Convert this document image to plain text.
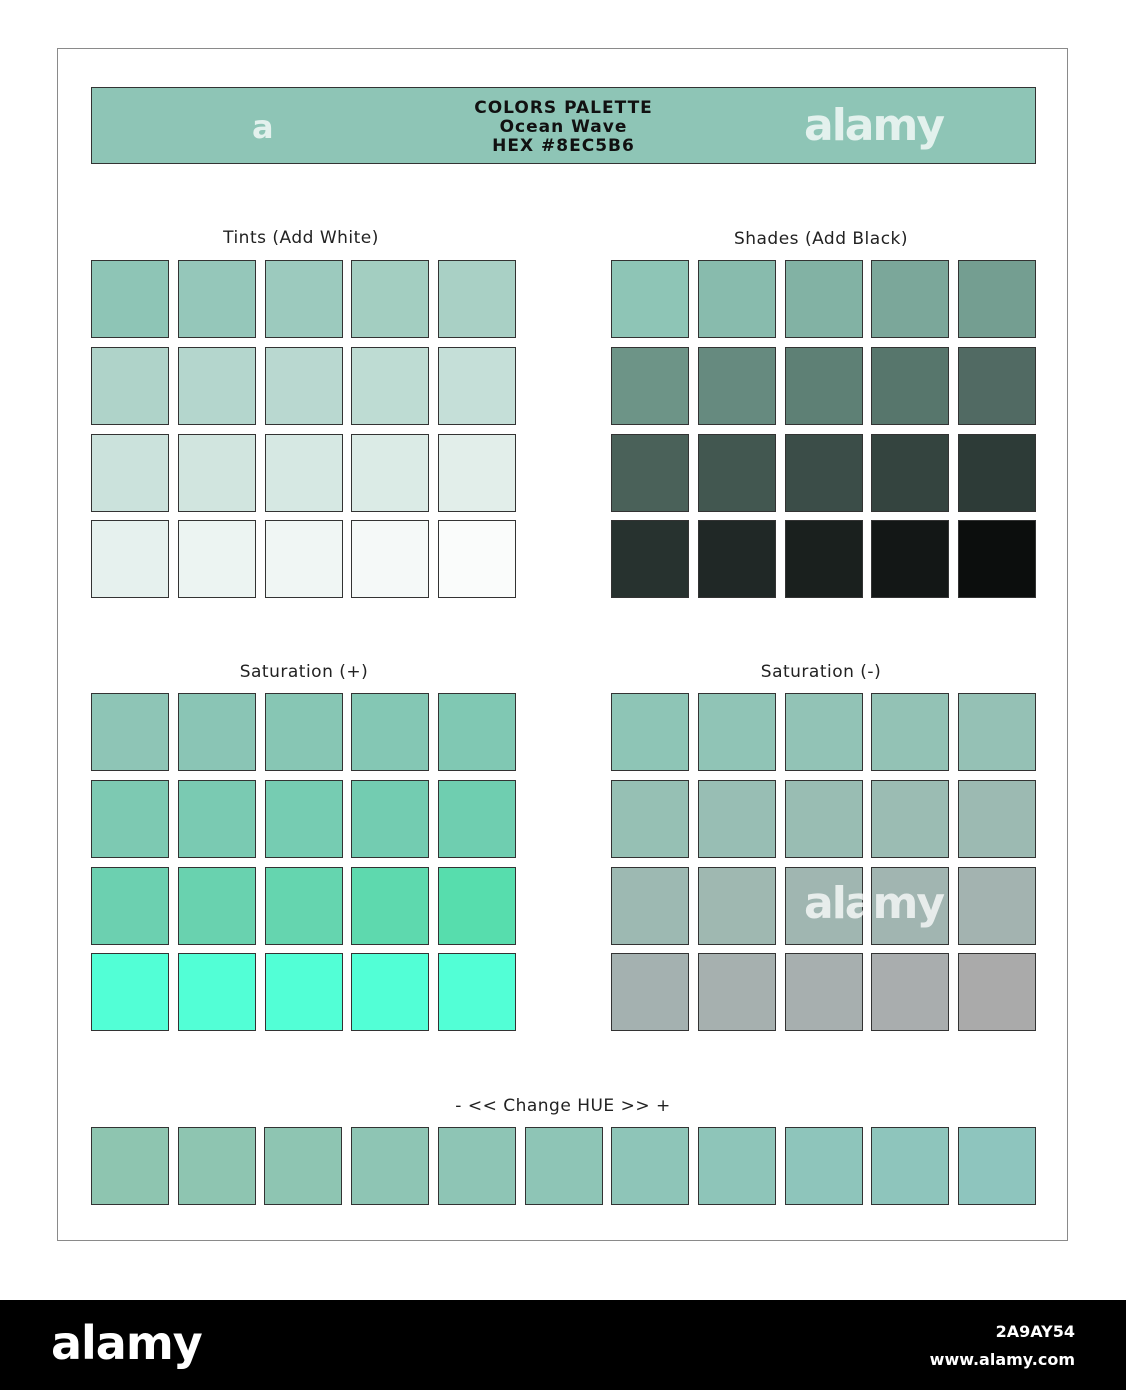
COLORS PALETTE
Ocean Wave
HEX #8EC5B6
a	alamy
Tints (Add White)	Shades (Add Black)
Saturation (+)	Saturation (-)
- << Change HUE >> +
alamy
alamy	2A9AY54
www.alamy.com
